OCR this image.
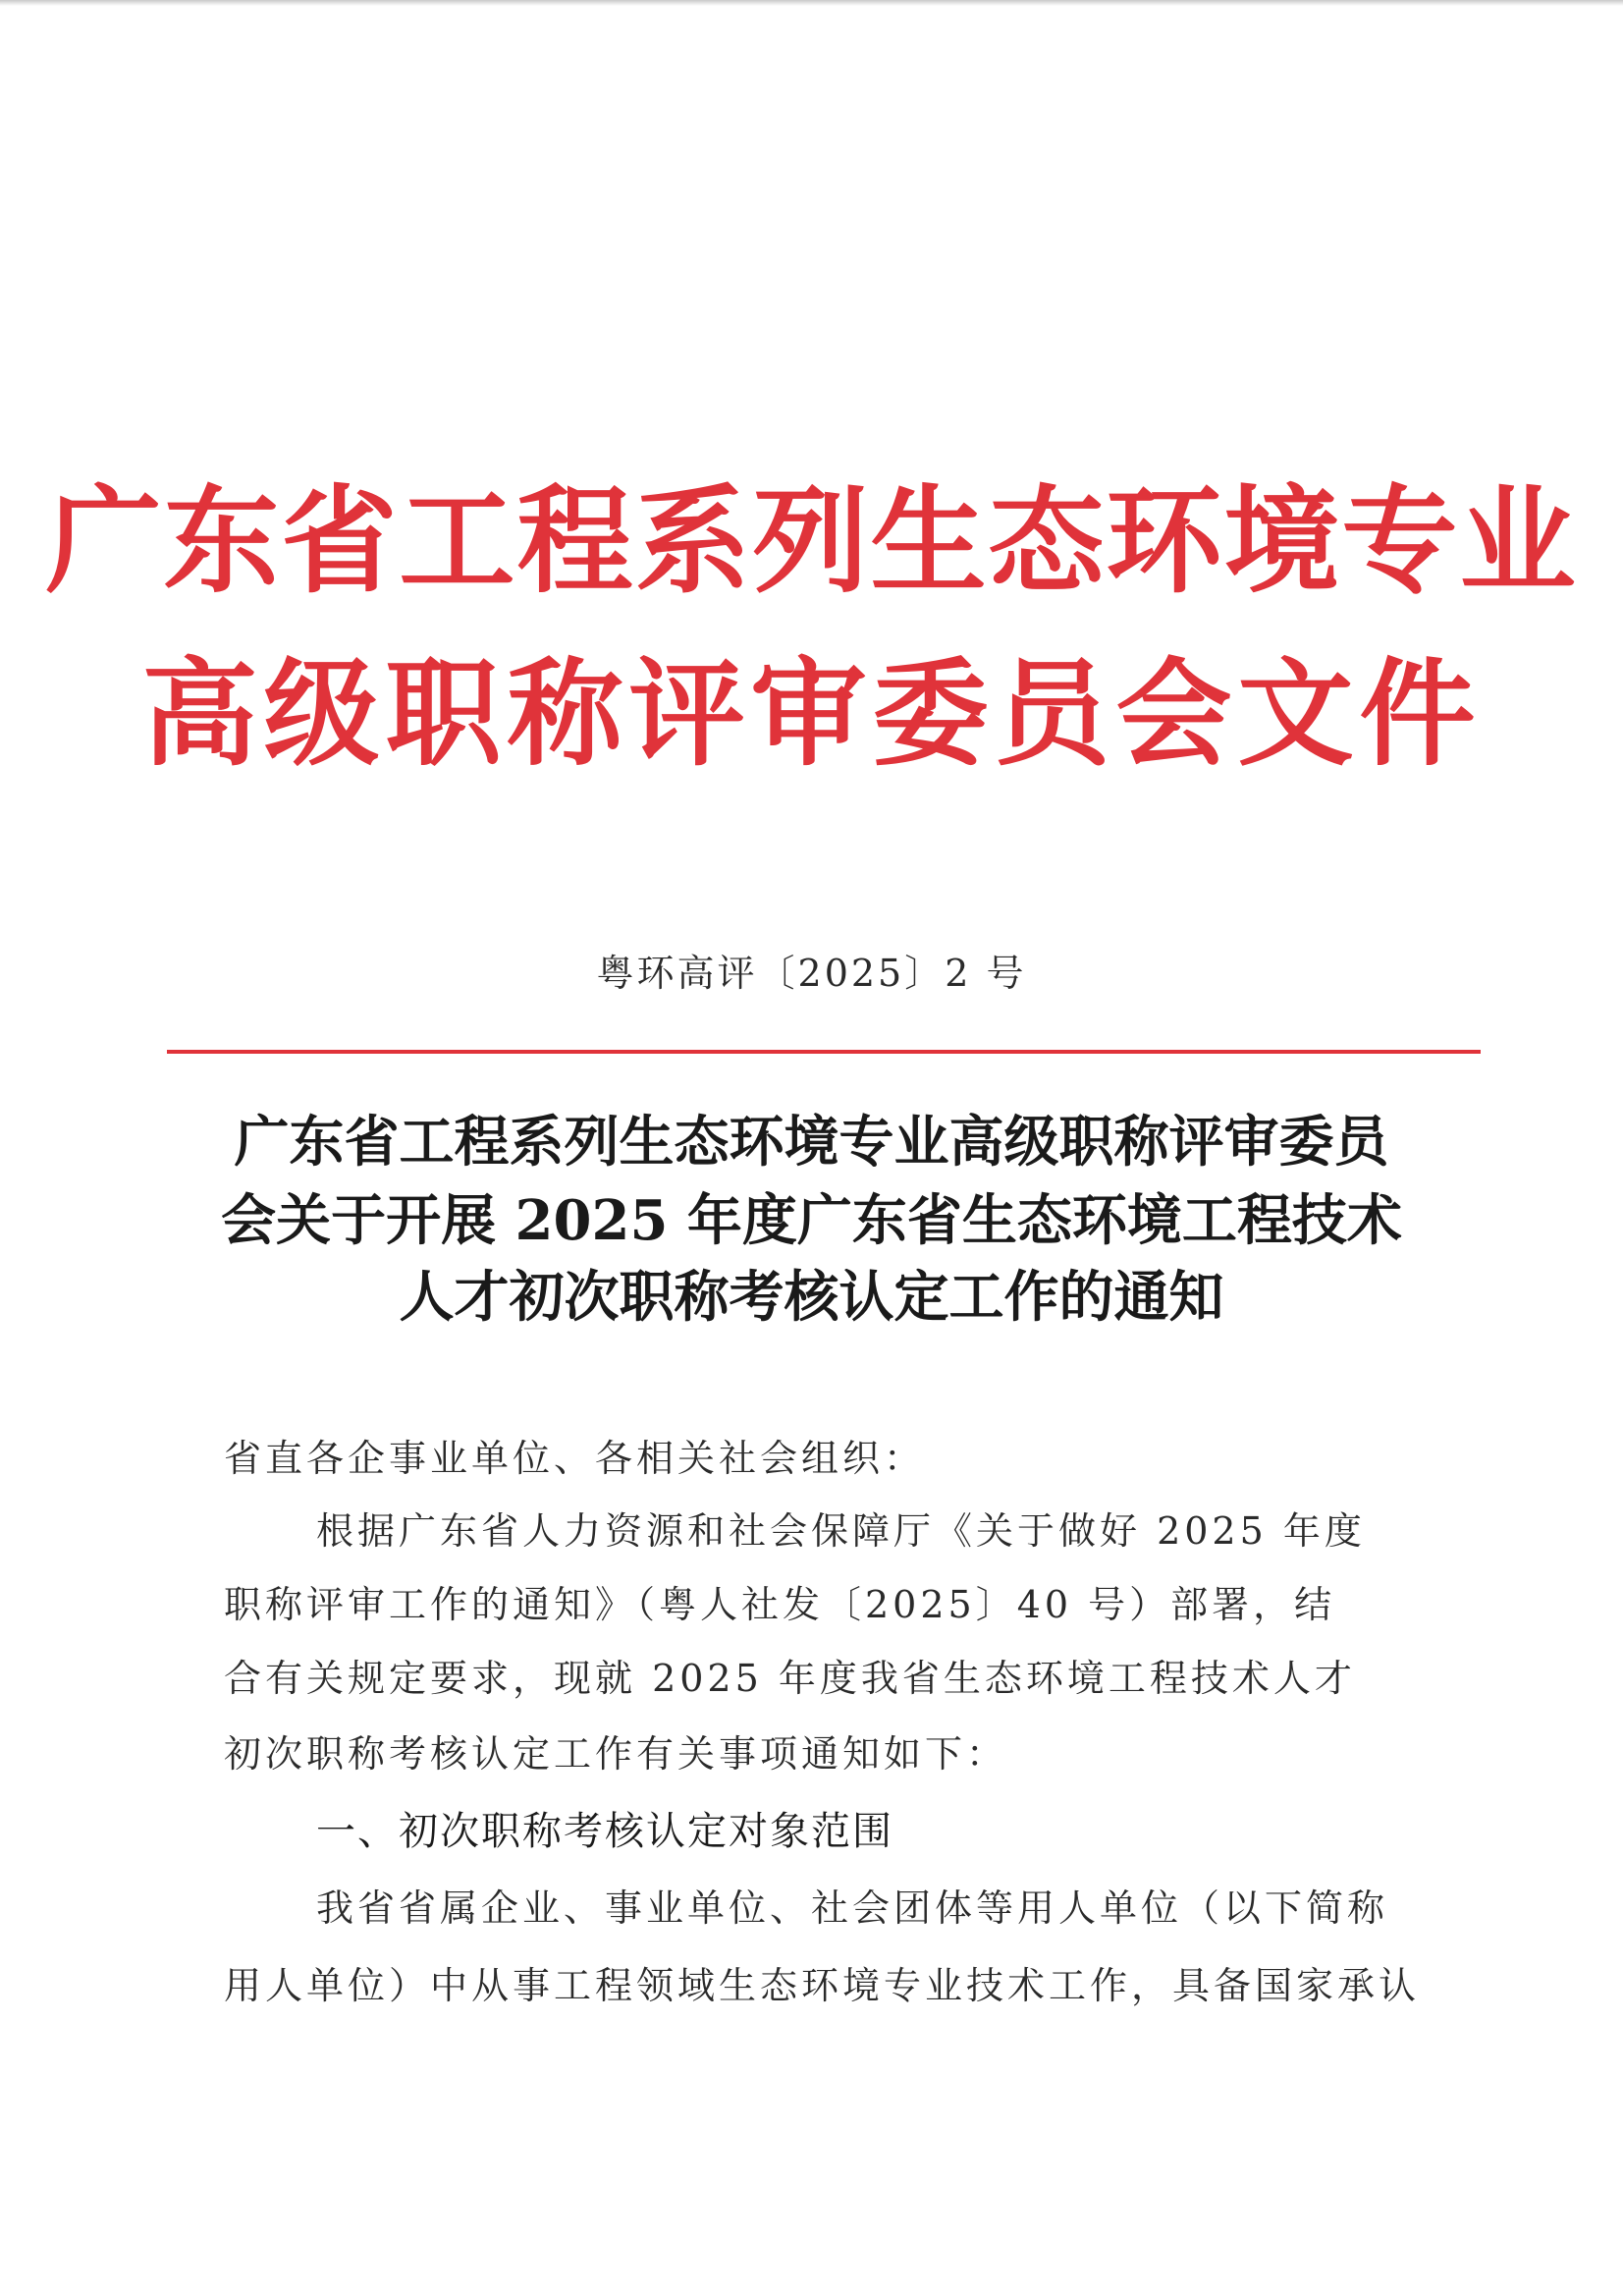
广东省工程系列生态环境专业
高级职称评审委员会文件
粤环高评〔2025〕2 号
广东省工程系列生态环境专业高级职称评审委员
会关于开展 2025 年度广东省生态环境工程技术
人才初次职称考核认定工作的通知
省直各企事业单位、各相关社会组织：
根据广东省人力资源和社会保障厅《关于做好 2025 年度
职称评审工作的通知》（粤人社发〔2025〕40 号）部署，结
合有关规定要求，现就 2025 年度我省生态环境工程技术人才
初次职称考核认定工作有关事项通知如下：
一、初次职称考核认定对象范围
我省省属企业、事业单位、社会团体等用人单位（以下简称
用人单位）中从事工程领域生态环境专业技术工作，具备国家承认
